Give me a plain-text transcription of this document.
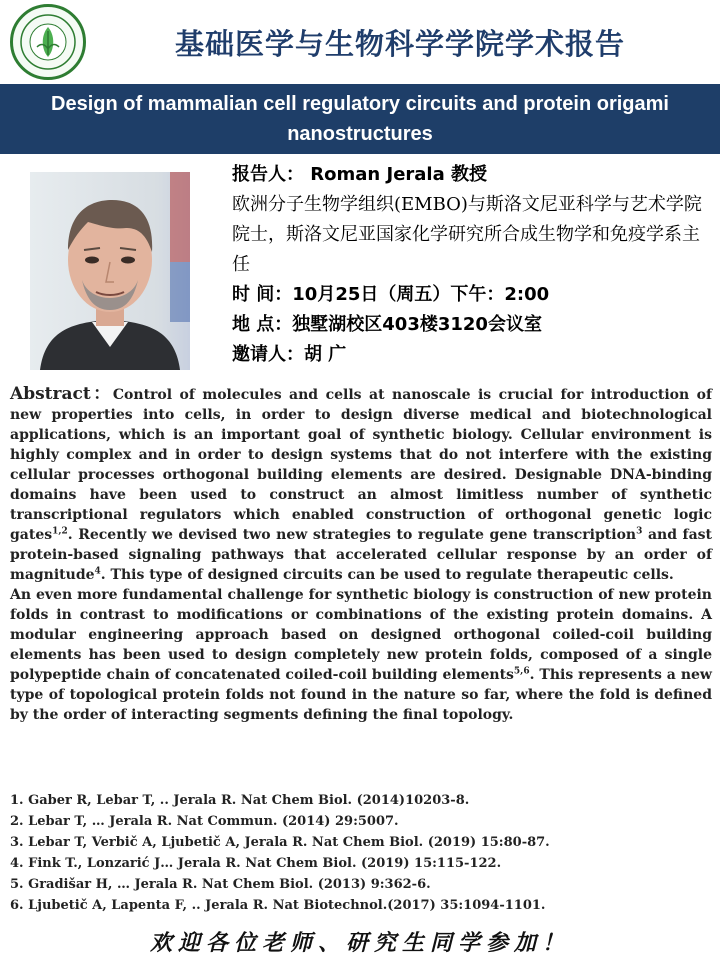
基础医学与生物科学学院学术报告
Design of mammalian cell regulatory circuits and protein origami nanostructures
报告人： Roman Jerala 教授
欧洲分子生物学组织(EMBO)与斯洛文尼亚科学与艺术学院院士，斯洛文尼亚国家化学研究所合成生物学和免疫学系主任
时 间：10月25日（周五）下午：2:00
地 点：独墅湖校区403楼3120会议室
邀请人：胡 广

Abstract：Control of molecules and cells at nanoscale is crucial for introduction of new properties into cells, in order to design diverse medical and biotechnological applications, which is an important goal of synthetic biology. Cellular environment is highly complex and in order to design systems that do not interfere with the existing cellular processes orthogonal building elements are desired. Designable DNA-binding domains have been used to construct an almost limitless number of synthetic transcriptional regulators which enabled construction of orthogonal genetic logic gates$^{1,2}$. Recently we devised two new strategies to regulate gene transcription$^3$ and fast protein-based signaling pathways that accelerated cellular response by an order of magnitude$^4$. This type of designed circuits can be used to regulate therapeutic cells.

An even more fundamental challenge for synthetic biology is construction of new protein folds in contrast to modifications or combinations of the existing protein domains. A modular engineering approach based on designed orthogonal coiled-coil building elements has been used to design completely new protein folds, composed of a single polypeptide chain of concatenated coiled-coil building elements$^{5,6}$. This represents a new type of topological protein folds not found in the nature so far, where the fold is defined by the order of interacting segments defining the final topology.

1. Gaber R, Lebar T, .. Jerala R. Nat Chem Biol. (2014)10203-8.
2. Lebar T, … Jerala R. Nat Commun. (2014) 29:5007.
3. Lebar T, Verbič A, Ljubetič A, Jerala R. Nat Chem Biol. (2019) 15:80-87.
4. Fink T., Lonzarić J… Jerala R. Nat Chem Biol. (2019) 15:115-122.
5. Gradišar H, … Jerala R. Nat Chem Biol. (2013) 9:362-6.
6. Ljubetič A, Lapenta F, .. Jerala R. Nat Biotechnol.(2017) 35:1094-1101.
欢迎各位老师、研究生同学参加！
